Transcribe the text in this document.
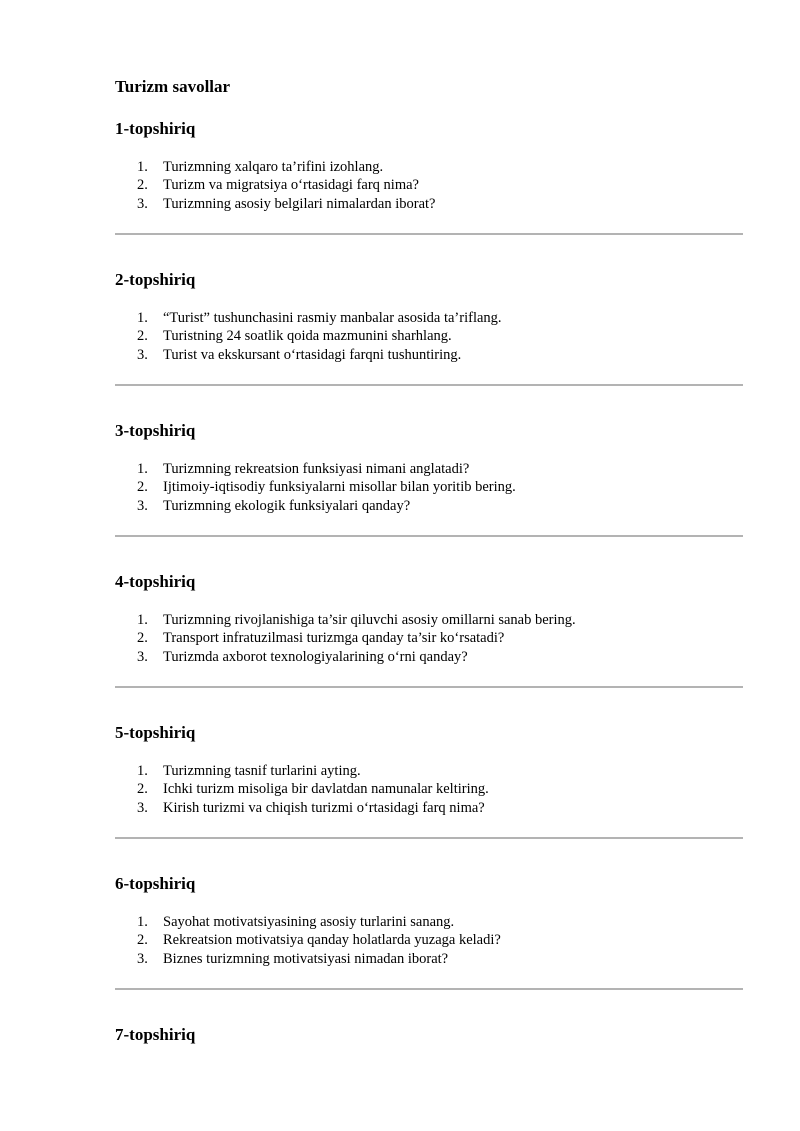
Turizm savollar
1-topshiriq
1. Turizmning xalqaro ta’rifini izohlang.
2. Turizm va migratsiya o‘rtasidagi farq nima?
3. Turizmning asosiy belgilari nimalardan iborat?
2-topshiriq
1. “Turist” tushunchasini rasmiy manbalar asosida ta’riflang.
2. Turistning 24 soatlik qoida mazmunini sharhlang.
3. Turist va ekskursant o‘rtasidagi farqni tushuntiring.
3-topshiriq
1. Turizmning rekreatsion funksiyasi nimani anglatadi?
2. Ijtimoiy-iqtisodiy funksiyalarni misollar bilan yoritib bering.
3. Turizmning ekologik funksiyalari qanday?
4-topshiriq
1. Turizmning rivojlanishiga ta’sir qiluvchi asosiy omillarni sanab bering.
2. Transport infratuzilmasi turizmga qanday ta’sir ko‘rsatadi?
3. Turizmda axborot texnologiyalarining o‘rni qanday?
5-topshiriq
1. Turizmning tasnif turlarini ayting.
2. Ichki turizm misoliga bir davlatdan namunalar keltiring.
3. Kirish turizmi va chiqish turizmi o‘rtasidagi farq nima?
6-topshiriq
1. Sayohat motivatsiyasining asosiy turlarini sanang.
2. Rekreatsion motivatsiya qanday holatlarda yuzaga keladi?
3. Biznes turizmning motivatsiyasi nimadan iborat?
7-topshiriq
